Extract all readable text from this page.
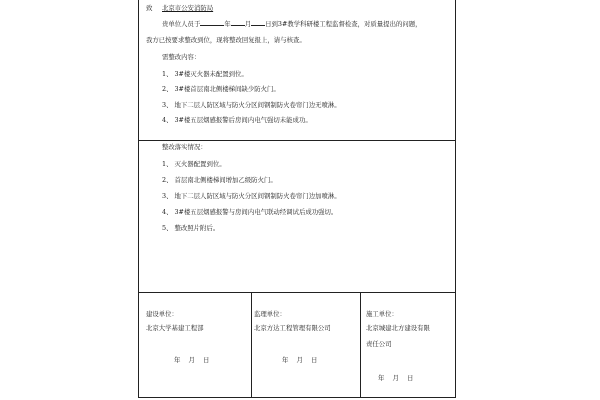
致 北京市公安消防局
贵单位人员于	年 月 日到3#教学科研楼工程监督检查，对质量提出的问题，
我方已按要求整改到位，现将整改回复报上，请与核查。
需整改内容：
1、 3#楼灭火器未配置到位。
2、 3#楼首层南北侧楼梯间缺少防火门。
3、 地下二层人防区域与防火分区间钢制防火卷帘门边无喷淋。
4、 3#楼五层烟感报警后房间内电气强切未能成功。
整改落实情况：
1、 灭火器配置到位。
2、 首层南北侧楼梯间增加乙级防火门。
3、 地下二层人防区域与防火分区间钢制防火卷帘门边加喷淋。
4、 3#楼五层烟感报警与房间内电气联动经调试后成功强切。
5、 整改照片附后。
建设单位：
北京大学基建工程部
年    月    日
监理单位：
北京方达工程管理有限公司
年    月    日
施工单位：
北京城建北方建设有限
责任公司
年    月    日
